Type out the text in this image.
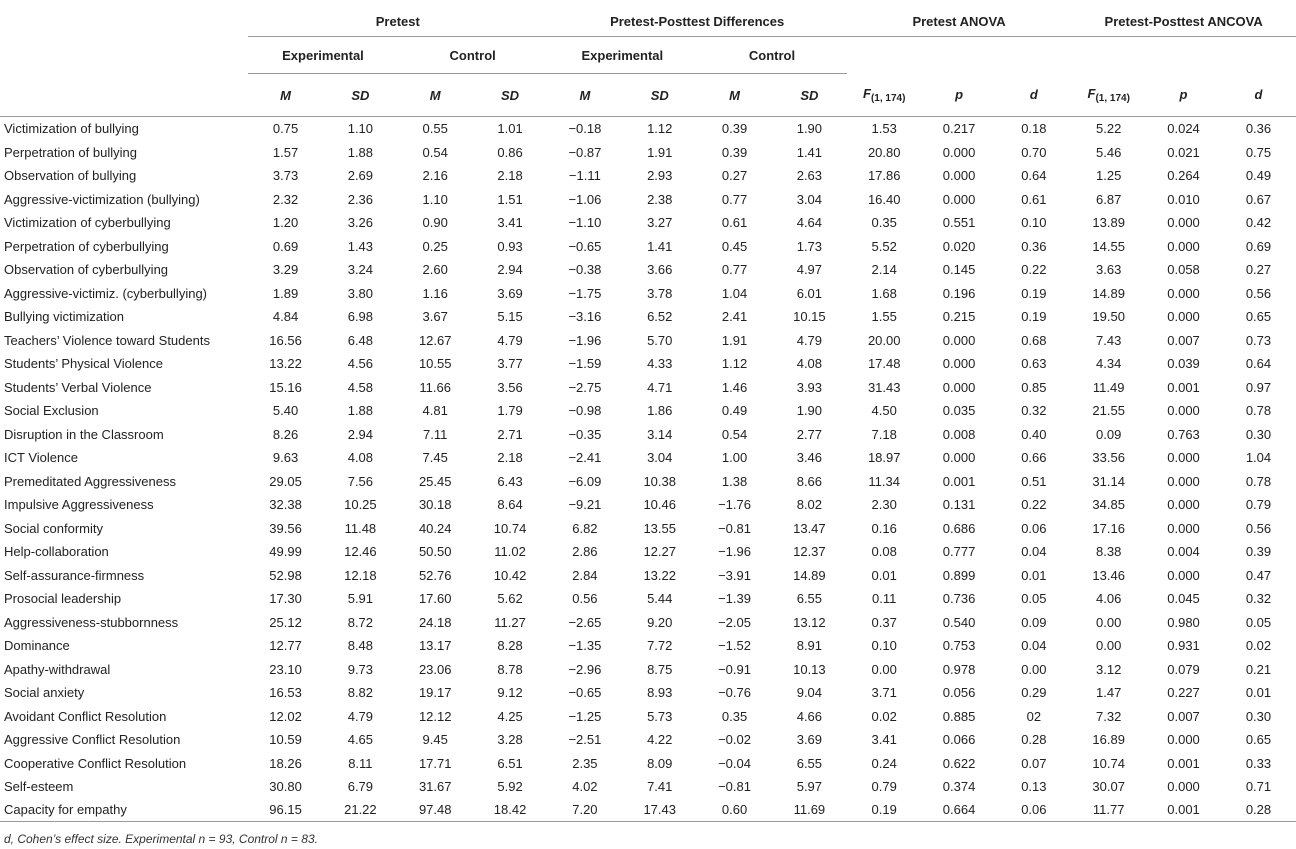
	Pretest				Pretest-Posttest Differences				Pretest ANOVA			Pretest-Posttest ANCOVA		
	Experimental		Control		Experimental		Control							
	M	SD	M	SD	M	SD	M	SD	$F_{(1, 174)}$	p	d	$F_{(1, 174)}$	p	d
Victimization of bullying	0.75	1.10	0.55	1.01	−0.18	1.12	0.39	1.90	1.53	0.217	0.18	5.22	0.024	0.36
Perpetration of bullying	1.57	1.88	0.54	0.86	−0.87	1.91	0.39	1.41	20.80	0.000	0.70	5.46	0.021	0.75
Observation of bullying	3.73	2.69	2.16	2.18	−1.11	2.93	0.27	2.63	17.86	0.000	0.64	1.25	0.264	0.49
Aggressive-victimization (bullying)	2.32	2.36	1.10	1.51	−1.06	2.38	0.77	3.04	16.40	0.000	0.61	6.87	0.010	0.67
Victimization of cyberbullying	1.20	3.26	0.90	3.41	−1.10	3.27	0.61	4.64	0.35	0.551	0.10	13.89	0.000	0.42
Perpetration of cyberbullying	0.69	1.43	0.25	0.93	−0.65	1.41	0.45	1.73	5.52	0.020	0.36	14.55	0.000	0.69
Observation of cyberbullying	3.29	3.24	2.60	2.94	−0.38	3.66	0.77	4.97	2.14	0.145	0.22	3.63	0.058	0.27
Aggressive-victimiz. (cyberbullying)	1.89	3.80	1.16	3.69	−1.75	3.78	1.04	6.01	1.68	0.196	0.19	14.89	0.000	0.56
Bullying victimization	4.84	6.98	3.67	5.15	−3.16	6.52	2.41	10.15	1.55	0.215	0.19	19.50	0.000	0.65
Teachers’ Violence toward Students	16.56	6.48	12.67	4.79	−1.96	5.70	1.91	4.79	20.00	0.000	0.68	7.43	0.007	0.73
Students’ Physical Violence	13.22	4.56	10.55	3.77	−1.59	4.33	1.12	4.08	17.48	0.000	0.63	4.34	0.039	0.64
Students’ Verbal Violence	15.16	4.58	11.66	3.56	−2.75	4.71	1.46	3.93	31.43	0.000	0.85	11.49	0.001	0.97
Social Exclusion	5.40	1.88	4.81	1.79	−0.98	1.86	0.49	1.90	4.50	0.035	0.32	21.55	0.000	0.78
Disruption in the Classroom	8.26	2.94	7.11	2.71	−0.35	3.14	0.54	2.77	7.18	0.008	0.40	0.09	0.763	0.30
ICT Violence	9.63	4.08	7.45	2.18	−2.41	3.04	1.00	3.46	18.97	0.000	0.66	33.56	0.000	1.04
Premeditated Aggressiveness	29.05	7.56	25.45	6.43	−6.09	10.38	1.38	8.66	11.34	0.001	0.51	31.14	0.000	0.78
Impulsive Aggressiveness	32.38	10.25	30.18	8.64	−9.21	10.46	−1.76	8.02	2.30	0.131	0.22	34.85	0.000	0.79
Social conformity	39.56	11.48	40.24	10.74	6.82	13.55	−0.81	13.47	0.16	0.686	0.06	17.16	0.000	0.56
Help-collaboration	49.99	12.46	50.50	11.02	2.86	12.27	−1.96	12.37	0.08	0.777	0.04	8.38	0.004	0.39
Self-assurance-firmness	52.98	12.18	52.76	10.42	2.84	13.22	−3.91	14.89	0.01	0.899	0.01	13.46	0.000	0.47
Prosocial leadership	17.30	5.91	17.60	5.62	0.56	5.44	−1.39	6.55	0.11	0.736	0.05	4.06	0.045	0.32
Aggressiveness-stubbornness	25.12	8.72	24.18	11.27	−2.65	9.20	−2.05	13.12	0.37	0.540	0.09	0.00	0.980	0.05
Dominance	12.77	8.48	13.17	8.28	−1.35	7.72	−1.52	8.91	0.10	0.753	0.04	0.00	0.931	0.02
Apathy-withdrawal	23.10	9.73	23.06	8.78	−2.96	8.75	−0.91	10.13	0.00	0.978	0.00	3.12	0.079	0.21
Social anxiety	16.53	8.82	19.17	9.12	−0.65	8.93	−0.76	9.04	3.71	0.056	0.29	1.47	0.227	0.01
Avoidant Conflict Resolution	12.02	4.79	12.12	4.25	−1.25	5.73	0.35	4.66	0.02	0.885	02	7.32	0.007	0.30
Aggressive Conflict Resolution	10.59	4.65	9.45	3.28	−2.51	4.22	−0.02	3.69	3.41	0.066	0.28	16.89	0.000	0.65
Cooperative Conflict Resolution	18.26	8.11	17.71	6.51	2.35	8.09	−0.04	6.55	0.24	0.622	0.07	10.74	0.001	0.33
Self-esteem	30.80	6.79	31.67	5.92	4.02	7.41	−0.81	5.97	0.79	0.374	0.13	30.07	0.000	0.71
Capacity for empathy	96.15	21.22	97.48	18.42	7.20	17.43	0.60	11.69	0.19	0.664	0.06	11.77	0.001	0.28
d, Cohen’s effect size. Experimental n = 93, Control n = 83.
